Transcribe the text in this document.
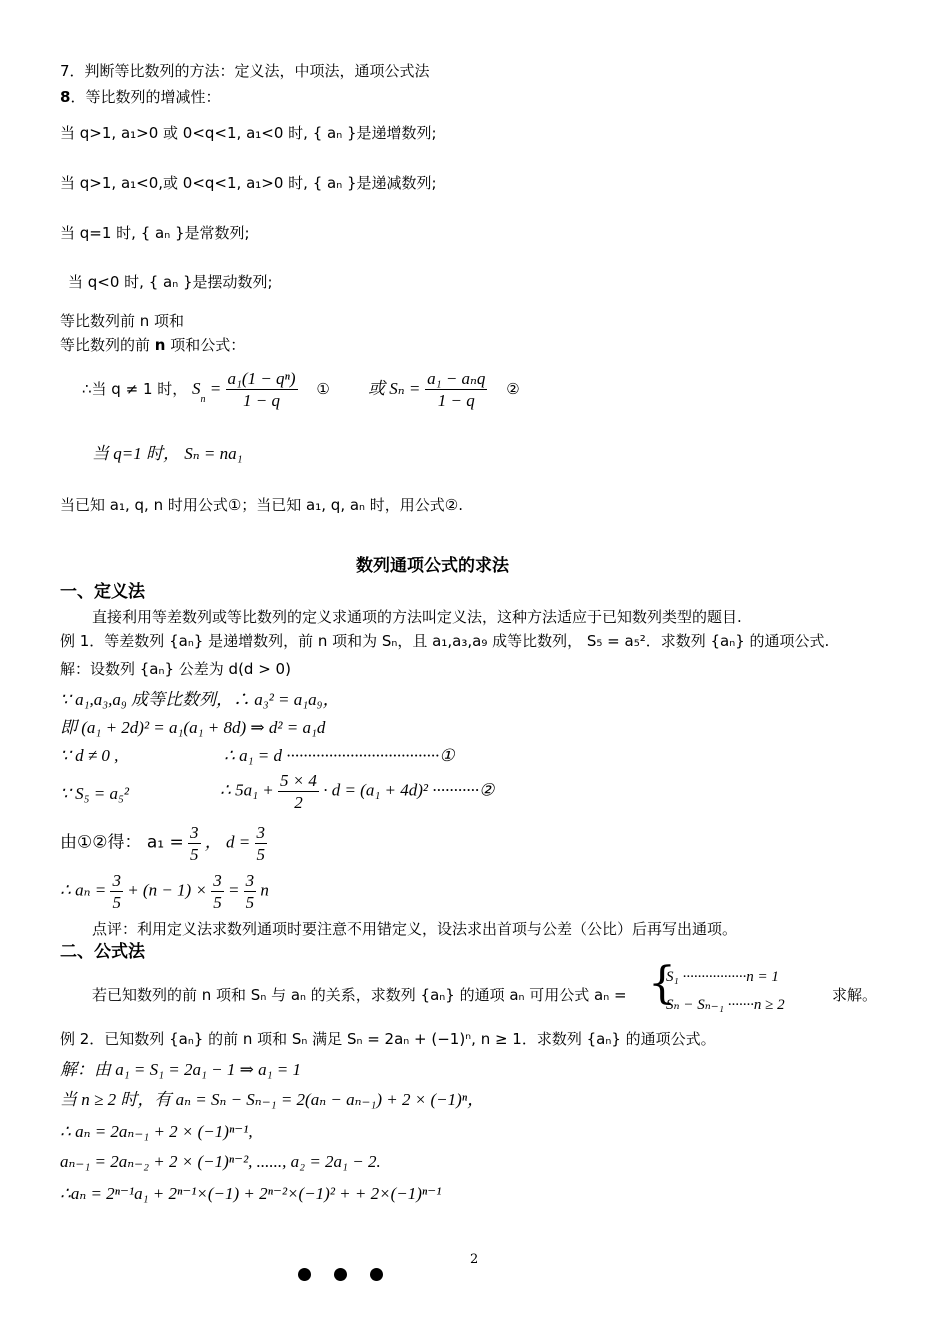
7．判断等比数列的方法：定义法，中项法，通项公式法
8．等比数列的增减性：
当 q>1, a₁>0 或 0<q<1, a₁<0 时, { aₙ }是递增数列;
当 q>1, a₁<0,或 0<q<1, a₁>0 时, { aₙ }是递减数列;
当 q=1 时, { aₙ }是常数列;
当 q<0 时, { aₙ }是摆动数列;
等比数列前 n 项和
等比数列的前 n 项和公式：
∴当 q ≠ 1 时， $S_n = \frac{\text{a₁(1 − qⁿ)}}{1 - q}$ ① 或 $S_n = \frac{\text{a₁ − aₙq}}{1 - q}$ ②
当 q=1 时， Sₙ = na₁
当已知 a₁, q, n 时用公式①；当已知 a₁, q, aₙ 时，用公式②.
数列通项公式的求法
一、定义法
直接利用等差数列或等比数列的定义求通项的方法叫定义法，这种方法适应于已知数列类型的题目.
例 1．等差数列 {aₙ} 是递增数列，前 n 项和为 Sₙ，且 a₁,a₃,a₉ 成等比数列， S₅ = a₅²．求数列 {aₙ} 的通项公式.
解：设数列 {aₙ} 公差为 d(d > 0)
∵ a₁,a₃,a₉ 成等比数列，∴ a₃² = a₁a₉，
即 (a₁ + 2d)² = a₁(a₁ + 8d) ⇒ d² = a₁d
∵ d ≠ 0 ,	∴ a₁ = d ····································①
∵ S₅ = a₅²	∴ $5a_1 + \frac{5 \times 4}{2} \cdot d = (a_1 + 4d)^2$ ···········②
由①②得： $a_1 = \frac{3}{5}$ ， $d = \frac{3}{5}$
∴ $a_n = \frac{3}{5} + (n - 1) \times \frac{3}{5} = \frac{3}{5}$ n
点评：利用定义法求数列通项时要注意不用错定义，设法求出首项与公差（公比）后再写出通项。
二、公式法
若已知数列的前 n 项和 Sₙ 与 aₙ 的关系，求数列 {aₙ} 的通项 aₙ 可用公式 aₙ = {
S₁ ·················n = 1
Sₙ − Sₙ₋₁ ·······n ≥ 2
求解。
例 2．已知数列 {aₙ} 的前 n 项和 Sₙ 满足 Sₙ = 2aₙ + (−1)ⁿ, n ≥ 1．求数列 {aₙ} 的通项公式。
解：由 a₁ = S₁ = 2a₁ − 1 ⇒ a₁ = 1
当 n ≥ 2 时，有 aₙ = Sₙ − Sₙ₋₁ = 2(aₙ − aₙ₋₁) + 2 × (−1)ⁿ，
∴ aₙ = 2aₙ₋₁ + 2 × (−1)ⁿ⁻¹,
aₙ₋₁ = 2aₙ₋₂ + 2 × (−1)ⁿ⁻², ......, a₂ = 2a₁ − 2.
∴aₙ = 2ⁿ⁻¹a₁ + 2ⁿ⁻¹×(−1) + 2ⁿ⁻²×(−1)² + + 2×(−1)ⁿ⁻¹
2
